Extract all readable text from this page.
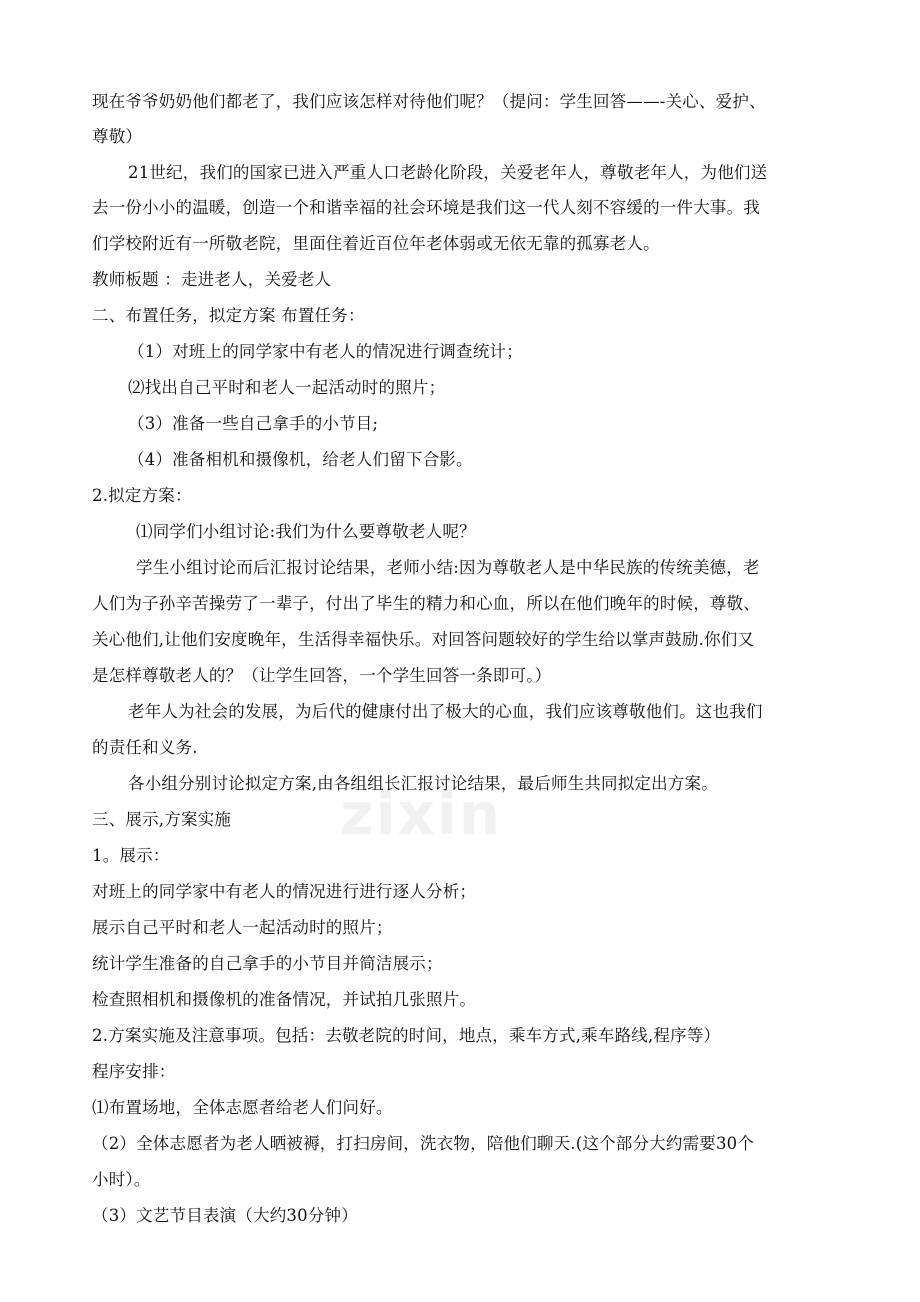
zixin
现在爷爷奶奶他们都老了，我们应该怎样对待他们呢？（提问：学生回答——-关心、爱护、
尊敬）
21世纪，我们的国家已进入严重人口老龄化阶段，关爱老年人，尊敬老年人，为他们送
去一份小小的温暖，创造一个和谐幸福的社会环境是我们这一代人刻不容缓的一件大事。我
们学校附近有一所敬老院，里面住着近百位年老体弱或无依无靠的孤寡老人。
教师板题 ：走进老人，关爱老人
二、布置任务，拟定方案 布置任务：
（1）对班上的同学家中有老人的情况进行调查统计；
⑵找出自己平时和老人一起活动时的照片；
（3）准备一些自己拿手的小节目;
（4）准备相机和摄像机，给老人们留下合影。
2.拟定方案：
⑴同学们小组讨论:我们为什么要尊敬老人呢？
学生小组讨论而后汇报讨论结果，老师小结:因为尊敬老人是中华民族的传统美德，老
人们为子孙辛苦操劳了一辈子，付出了毕生的精力和心血，所以在他们晚年的时候，尊敬、
关心他们,让他们安度晚年，生活得幸福快乐。对回答问题较好的学生给以掌声鼓励.你们又
是怎样尊敬老人的？（让学生回答，一个学生回答一条即可。）
老年人为社会的发展，为后代的健康付出了极大的心血，我们应该尊敬他们。这也我们
的责任和义务.
各小组分别讨论拟定方案,由各组组长汇报讨论结果，最后师生共同拟定出方案。
三、展示,方案实施
1。展示：
对班上的同学家中有老人的情况进行进行逐人分析；
展示自己平时和老人一起活动时的照片；
统计学生准备的自己拿手的小节目并简洁展示；
检查照相机和摄像机的准备情况，并试拍几张照片。
2.方案实施及注意事项。包括：去敬老院的时间，地点，乘车方式,乘车路线,程序等）
程序安排：
⑴布置场地，全体志愿者给老人们问好。
（2）全体志愿者为老人晒被褥，打扫房间，洗衣物，陪他们聊天.(这个部分大约需要30个
小时）。
（3）文艺节目表演（大约30分钟）
